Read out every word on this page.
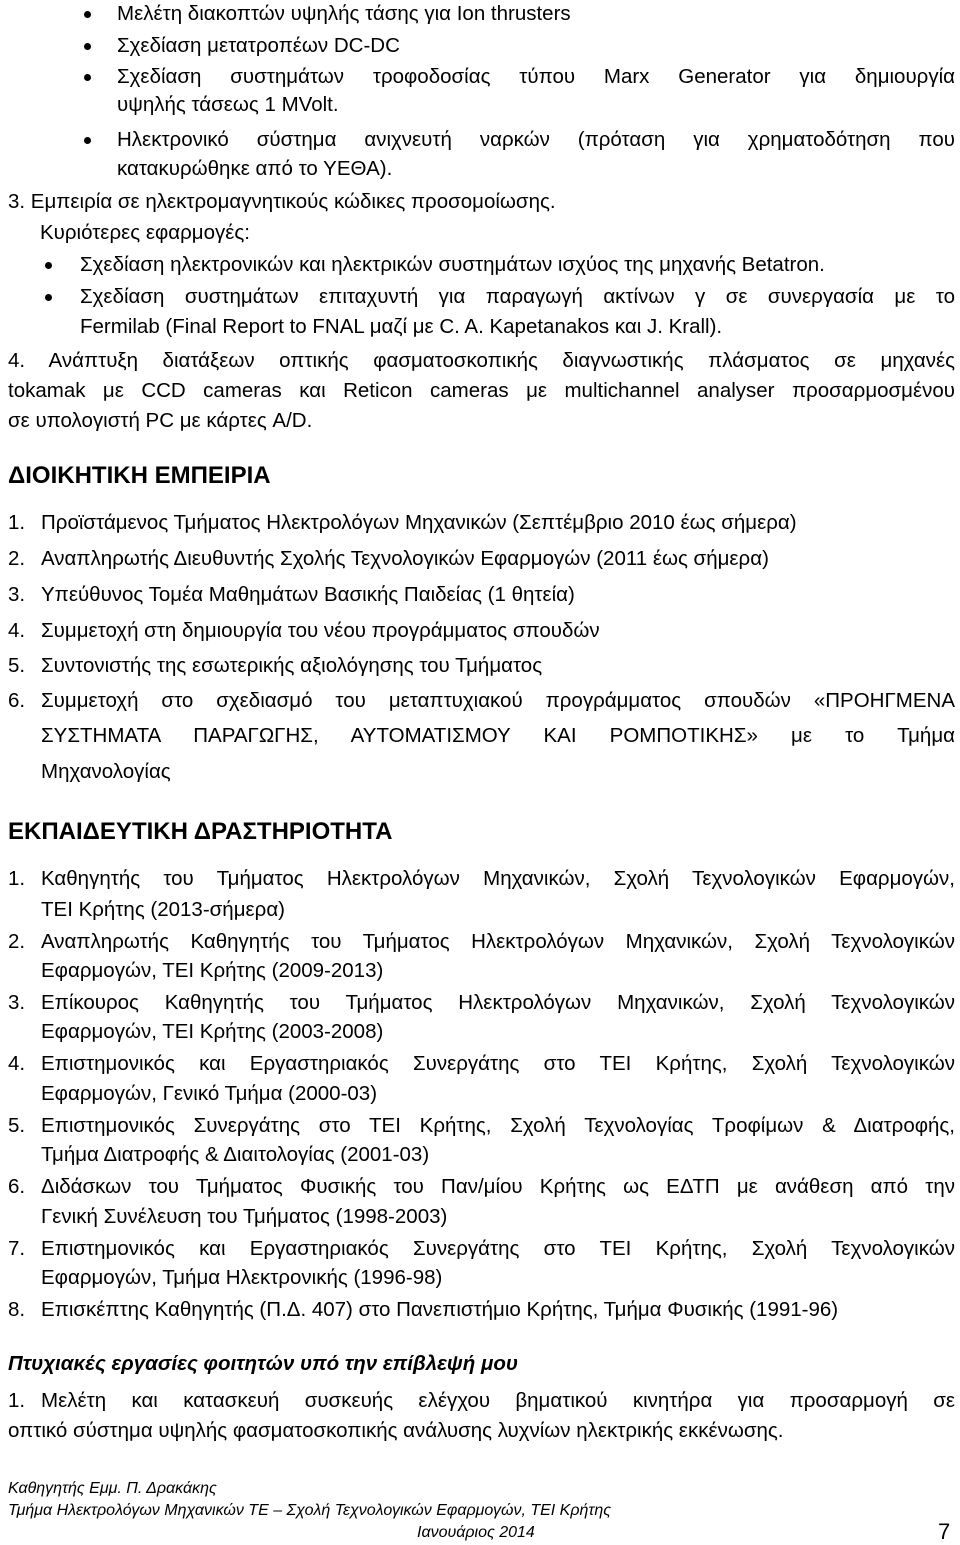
Μελέτη διακοπτών υψηλής τάσης για Ion thrusters
Σχεδίαση μετατροπέων DC-DC
Σχεδίαση συστημάτων τροφοδοσίας τύπου Marx Generator για δημιουργία
υψηλής τάσεως 1 MVolt.
Ηλεκτρονικό σύστημα ανιχνευτή ναρκών (πρόταση για χρηματοδότηση που
κατακυρώθηκε από το ΥΕΘΑ).
3. Εμπειρία σε ηλεκτρομαγνητικούς κώδικες προσομοίωσης.
Κυριότερες εφαρμογές:
Σχεδίαση ηλεκτρονικών και ηλεκτρικών συστημάτων ισχύος της μηχανής Betatron.
Σχεδίαση συστημάτων επιταχυντή για παραγωγή ακτίνων γ σε συνεργασία με το
Fermilab (Final Report to FNAL μαζί με C. A. Kapetanakos και J. Krall).
4. Ανάπτυξη διατάξεων οπτικής φασματοσκοπικής διαγνωστικής πλάσματος σε μηχανές
tokamak με CCD cameras και Reticon cameras με multichannel analyser προσαρμοσμένου
σε υπολογιστή PC με κάρτες A/D.
ΔΙΟΙΚΗΤΙΚΗ ΕΜΠΕΙΡΙΑ
1. Προϊστάμενος Τμήματος Ηλεκτρολόγων Μηχανικών (Σεπτέμβριο 2010 έως σήμερα)
2. Αναπληρωτής Διευθυντής Σχολής Τεχνολογικών Εφαρμογών (2011 έως σήμερα)
3. Υπεύθυνος Τομέα Μαθημάτων Βασικής Παιδείας (1 θητεία)
4. Συμμετοχή στη δημιουργία του νέου προγράμματος σπουδών
5. Συντονιστής της εσωτερικής αξιολόγησης του Τμήματος
6. Συμμετοχή στο σχεδιασμό του μεταπτυχιακού προγράμματος σπουδών «ΠΡΟΗΓΜΕΝΑ
ΣΥΣΤΗΜΑΤΑ ΠΑΡΑΓΩΓΗΣ, ΑΥΤΟΜΑΤΙΣΜΟΥ ΚΑΙ ΡΟΜΠΟΤΙΚΗΣ» με το Τμήμα
Μηχανολογίας
ΕΚΠΑΙΔΕΥΤΙΚΗ ΔΡΑΣΤΗΡΙΟΤΗΤΑ
1. Καθηγητής του Τμήματος Ηλεκτρολόγων Μηχανικών, Σχολή Τεχνολογικών Εφαρμογών,
ΤΕΙ Κρήτης (2013-σήμερα)
2. Αναπληρωτής Καθηγητής του Τμήματος Ηλεκτρολόγων Μηχανικών, Σχολή Τεχνολογικών
Εφαρμογών, ΤΕΙ Κρήτης (2009-2013)
3. Επίκουρος Καθηγητής του Τμήματος Ηλεκτρολόγων Μηχανικών, Σχολή Τεχνολογικών
Εφαρμογών, ΤΕΙ Κρήτης (2003-2008)
4. Επιστημονικός και Εργαστηριακός Συνεργάτης στο ΤΕΙ Κρήτης, Σχολή Τεχνολογικών
Εφαρμογών, Γενικό Τμήμα (2000-03)
5. Επιστημονικός Συνεργάτης στο ΤΕΙ Κρήτης, Σχολή Τεχνολογίας Τροφίμων & Διατροφής,
Τμήμα Διατροφής & Διαιτολογίας (2001-03)
6. Διδάσκων του Τμήματος Φυσικής του Παν/μίου Κρήτης ως ΕΔΤΠ με ανάθεση από την
Γενική Συνέλευση του Τμήματος (1998-2003)
7. Επιστημονικός και Εργαστηριακός Συνεργάτης στο ΤΕΙ Κρήτης, Σχολή Τεχνολογικών
Εφαρμογών, Τμήμα Ηλεκτρονικής (1996-98)
8. Επισκέπτης Καθηγητής (Π.Δ. 407) στο Πανεπιστήμιο Κρήτης, Τμήμα Φυσικής (1991-96)
Πτυχιακές εργασίες φοιτητών υπό την επίβλεψή μου
1. Μελέτη και κατασκευή συσκευής ελέγχου βηματικού κινητήρα για προσαρμογή σε
οπτικό σύστημα υψηλής φασματοσκοπικής ανάλυσης λυχνίων ηλεκτρικής εκκένωσης.
Καθηγητής Εμμ. Π. Δρακάκης
Τμήμα Ηλεκτρολόγων Μηχανικών ΤΕ – Σχολή Τεχνολογικών Εφαρμογών, ΤΕΙ Κρήτης
Ιανουάριος 2014	7
